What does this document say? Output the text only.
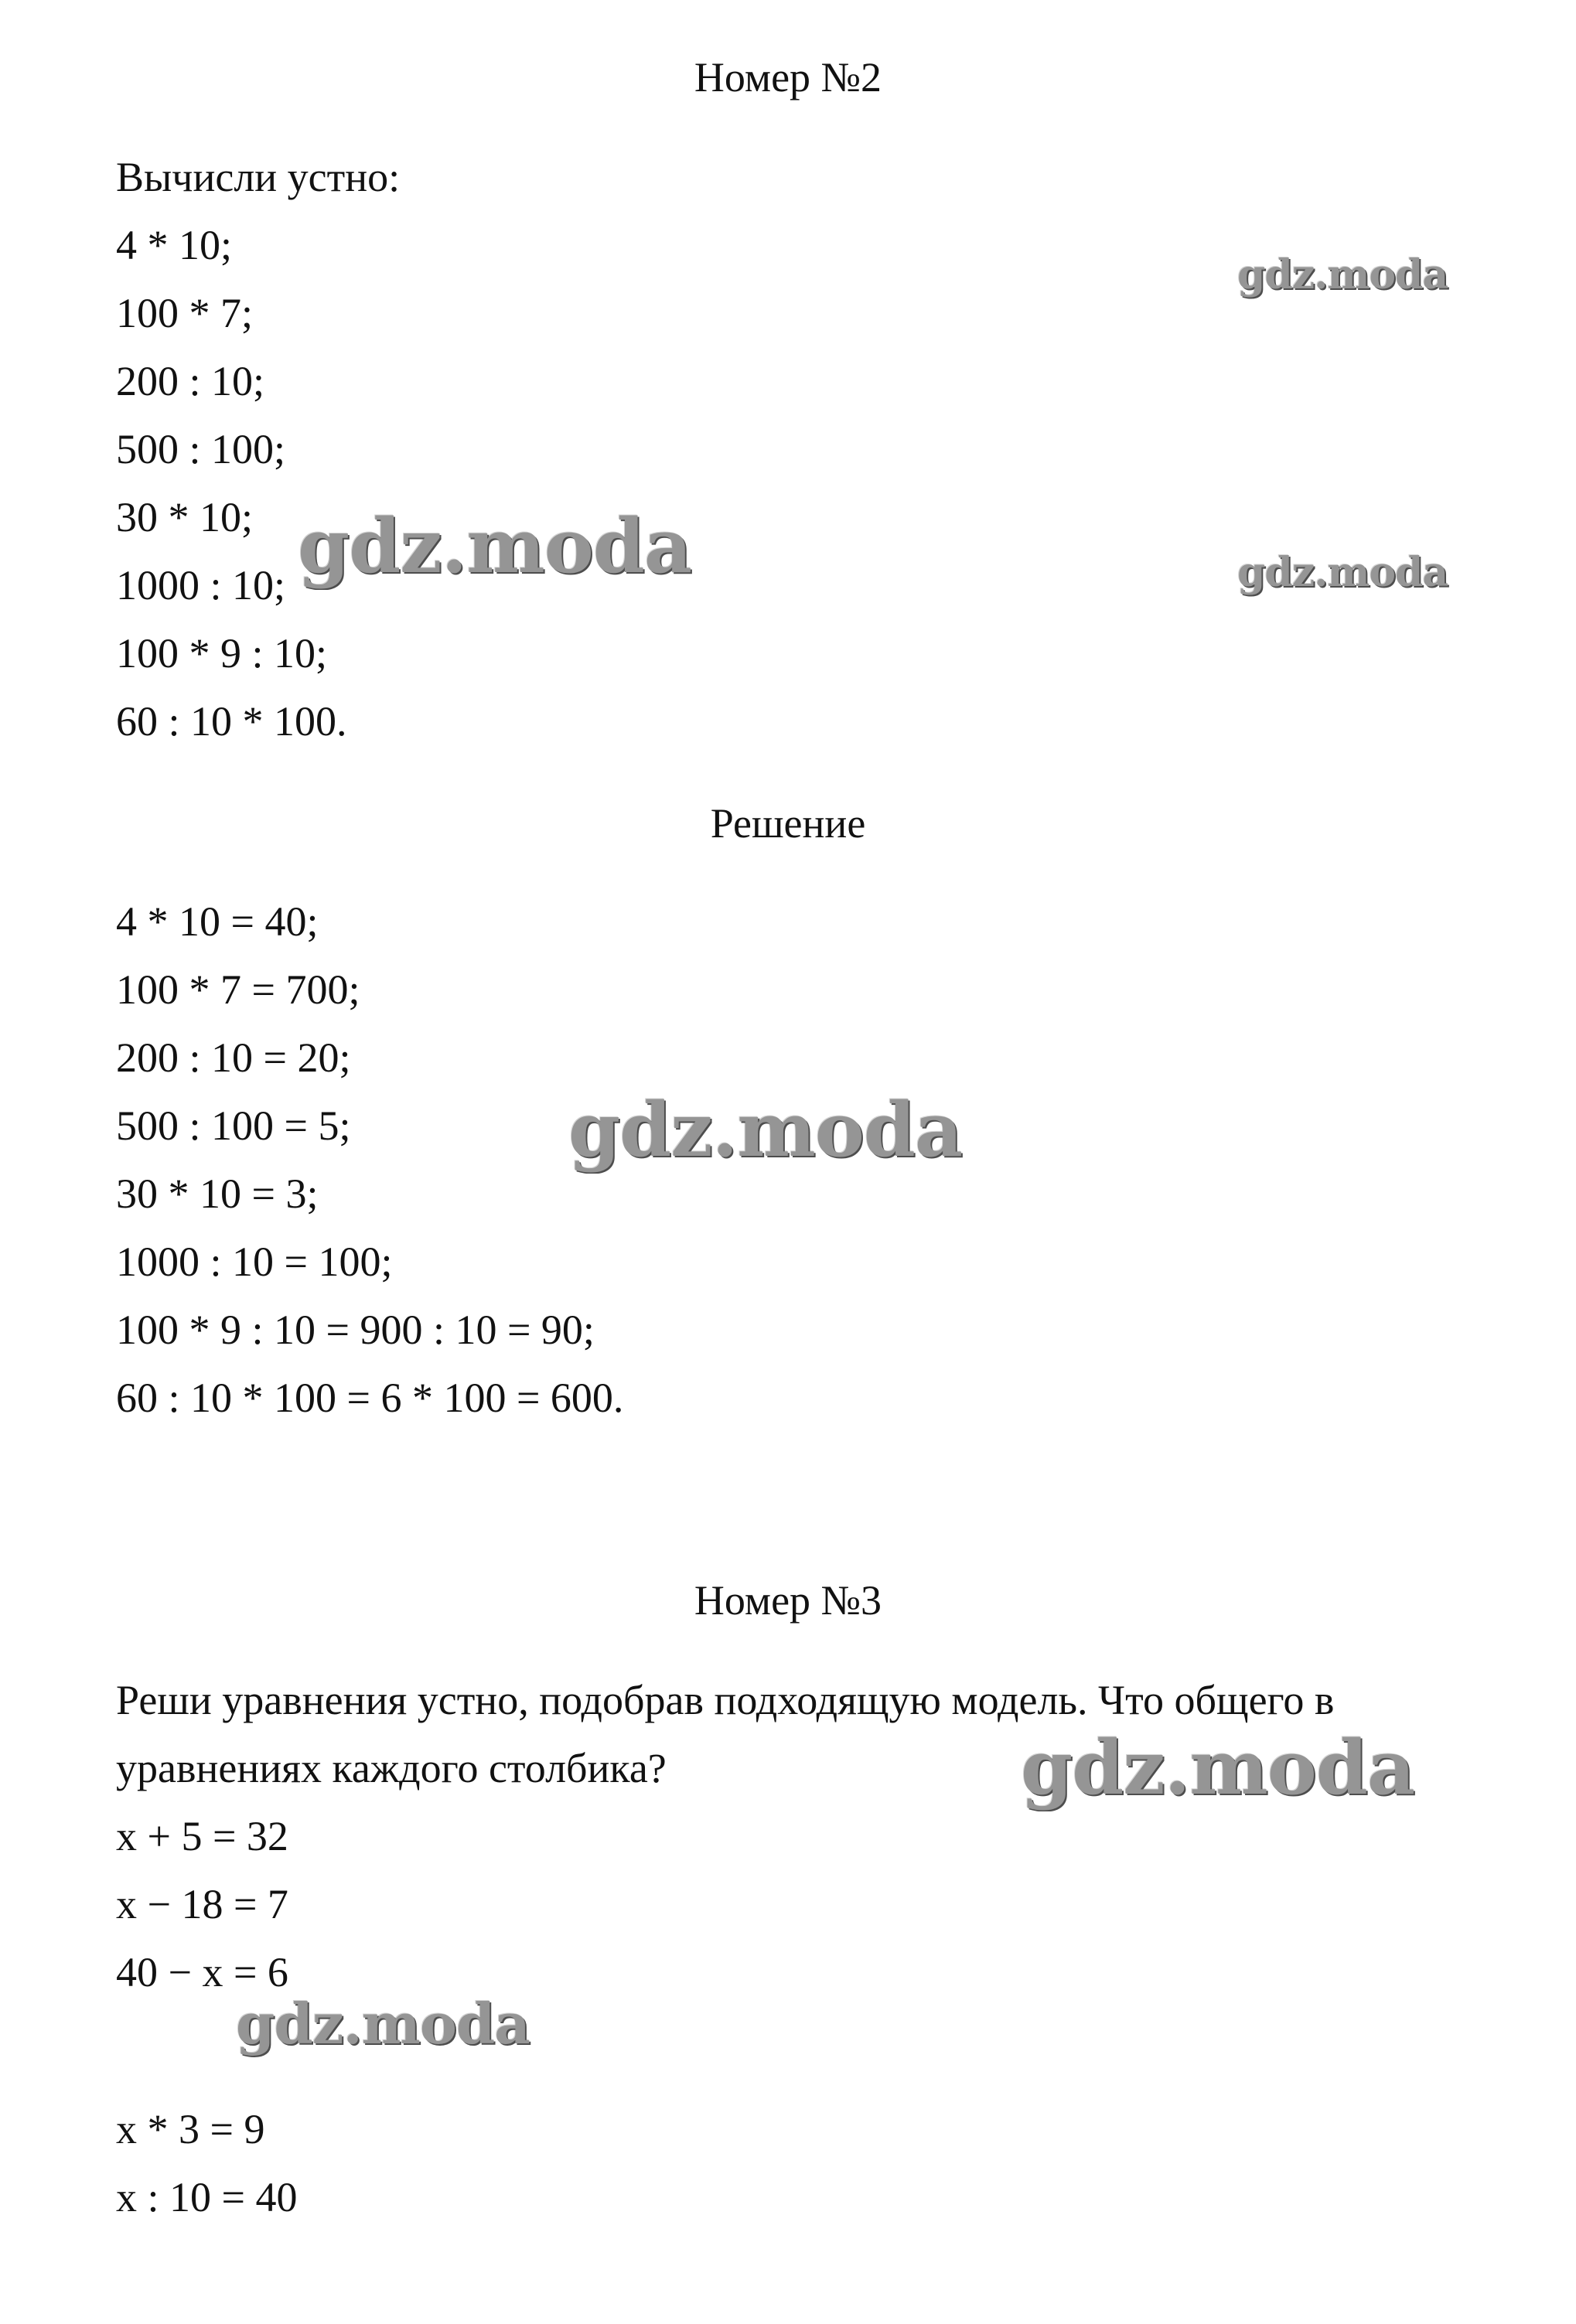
Номер №2
Вычисли устно:
4 * 10;
100 * 7;
200 : 10;
500 : 100;
30 * 10;
1000 : 10;
100 * 9 : 10;
60 : 10 * 100.
Решение
4 * 10 = 40;
100 * 7 = 700;
200 : 10 = 20;
500 : 100 = 5;
30 * 10 = 3;
1000 : 10 = 100;
100 * 9 : 10 = 900 : 10 = 90;
60 : 10 * 100 = 6 * 100 = 600.
Номер №3
Реши уравнения устно, подобрав подходящую модель. Что общего в
уравнениях каждого столбика?
x + 5 = 32
x − 18 = 7
40 − x = 6
x * 3 = 9
x : 10 = 40
gdz.moda
gdz.moda	gdz.moda
gdz.moda
gdz.moda
gdz.moda
